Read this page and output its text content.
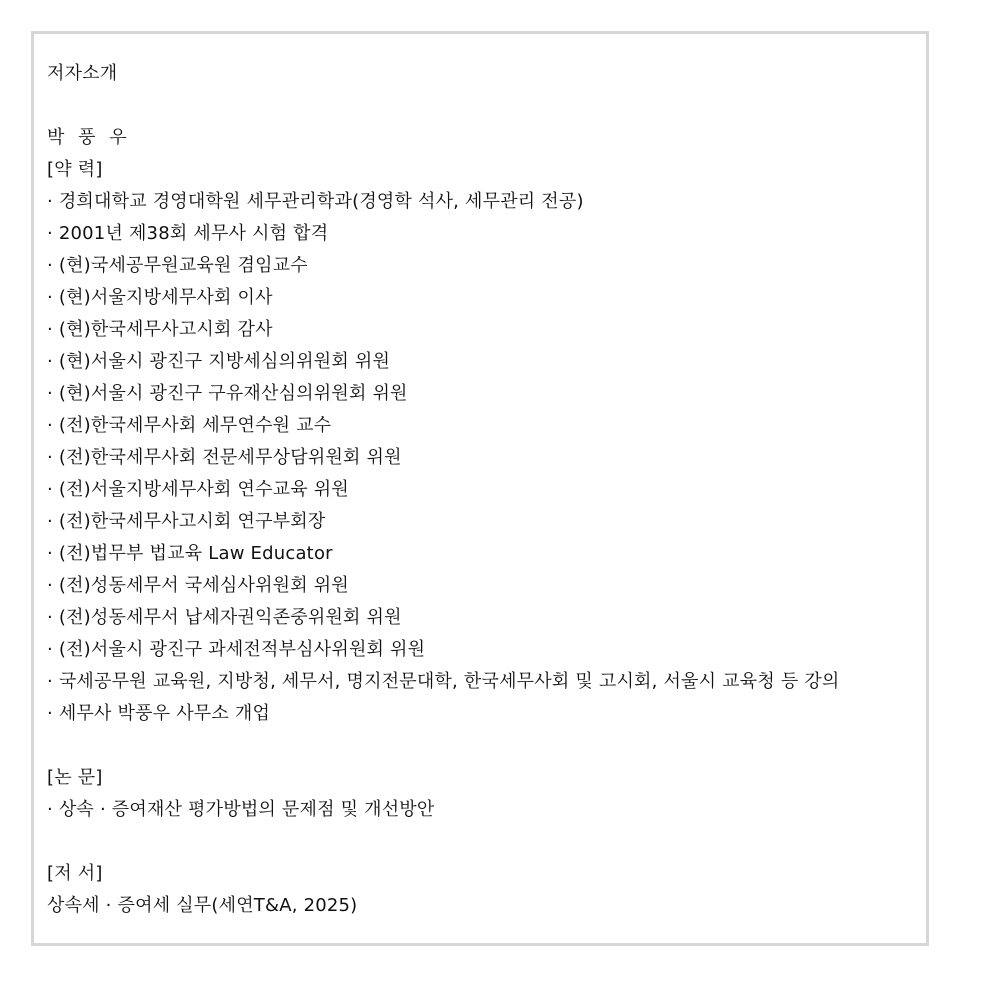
저자소개
박 풍 우
[약 력]
· 경희대학교 경영대학원 세무관리학과(경영학 석사, 세무관리 전공)
· 2001년 제38회 세무사 시험 합격
· (현)국세공무원교육원 겸임교수
· (현)서울지방세무사회 이사
· (현)한국세무사고시회 감사
· (현)서울시 광진구 지방세심의위원회 위원
· (현)서울시 광진구 구유재산심의위원회 위원
· (전)한국세무사회 세무연수원 교수
· (전)한국세무사회 전문세무상담위원회 위원
· (전)서울지방세무사회 연수교육 위원
· (전)한국세무사고시회 연구부회장
· (전)법무부 법교육 Law Educator
· (전)성동세무서 국세심사위원회 위원
· (전)성동세무서 납세자권익존중위원회 위원
· (전)서울시 광진구 과세전적부심사위원회 위원
· 국세공무원 교육원, 지방청, 세무서, 명지전문대학, 한국세무사회 및 고시회, 서울시 교육청 등 강의
· 세무사 박풍우 사무소 개업
[논 문]
· 상속 · 증여재산 평가방법의 문제점 및 개선방안
[저 서]
상속세 · 증여세 실무(세연T&A, 2025)
